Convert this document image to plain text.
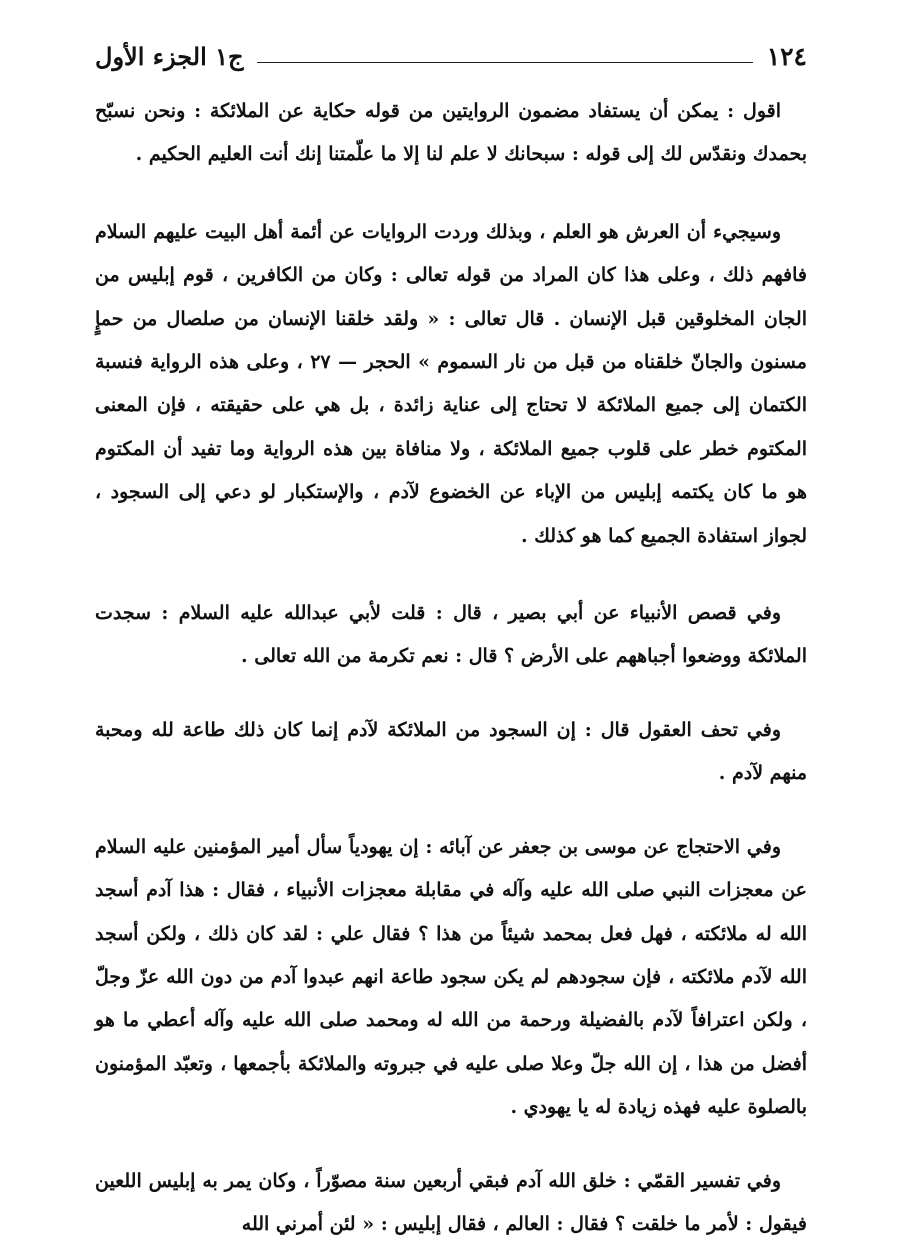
١٢٤
ج١ الجزء الأول

اقول : يمكن أن يستفاد مضمون الروايتين من قوله حكاية عن الملائكة : ونحن نسبّح بحمدك ونقدّس لك إلى قوله : سبحانك لا علم لنا إلا ما علّمتنا إنك أنت العليم الحكيم .

وسيجيء أن العرش هو العلم ، وبذلك وردت الروايات عن أئمة أهل البيت عليهم السلام فافهم ذلك ، وعلى هذا كان المراد من قوله تعالى : وكان من الكافرين ، قوم إبليس من الجان المخلوقين قبل الإنسان . قال تعالى : « ولقد خلقنا الإنسان من صلصال من حمإٍ مسنون والجانّ خلقناه من قبل من نار السموم » الحجر — ٢٧ ، وعلى هذه الرواية فنسبة الكتمان إلى جميع الملائكة لا تحتاج إلى عناية زائدة ، بل هي على حقيقته ، فإن المعنى المكتوم خطر على قلوب جميع الملائكة ، ولا منافاة بين هذه الرواية وما تفيد أن المكتوم هو ما كان يكتمه إبليس من الإباء عن الخضوع لآدم ، والإستكبار لو دعي إلى السجود ، لجواز استفادة الجميع كما هو كذلك .

وفي قصص الأنبياء عن أبي بصير ، قال : قلت لأبي عبدالله عليه السلام : سجدت الملائكة ووضعوا أجباههم على الأرض ؟ قال : نعم تكرمة من الله تعالى .

وفي تحف العقول قال : إن السجود من الملائكة لآدم إنما كان ذلك طاعة لله ومحبة منهم لآدم .

وفي الاحتجاج عن موسى بن جعفر عن آبائه : إن يهودياً سأل أمير المؤمنين عليه السلام عن معجزات النبي صلى الله عليه وآله في مقابلة معجزات الأنبياء ، فقال : هذا آدم أسجد الله له ملائكته ، فهل فعل بمحمد شيئاً من هذا ؟ فقال علي : لقد كان ذلك ، ولكن أسجد الله لآدم ملائكته ، فإن سجودهم لم يكن سجود طاعة انهم عبدوا آدم من دون الله عزّ وجلّ ، ولكن اعترافاً لآدم بالفضيلة ورحمة من الله له ومحمد صلى الله عليه وآله أعطي ما هو أفضل من هذا ، إن الله جلّ وعلا صلى عليه في جبروته والملائكة بأجمعها ، وتعبّد المؤمنون بالصلوة عليه فهذه زيادة له يا يهودي .

وفي تفسير القمّي : خلق الله آدم فبقي أربعين سنة مصوّراً ، وكان يمر به إبليس اللعين فيقول : لأمر ما خلقت ؟ فقال : العالم ، فقال إبليس : « لئن أمرني الله
